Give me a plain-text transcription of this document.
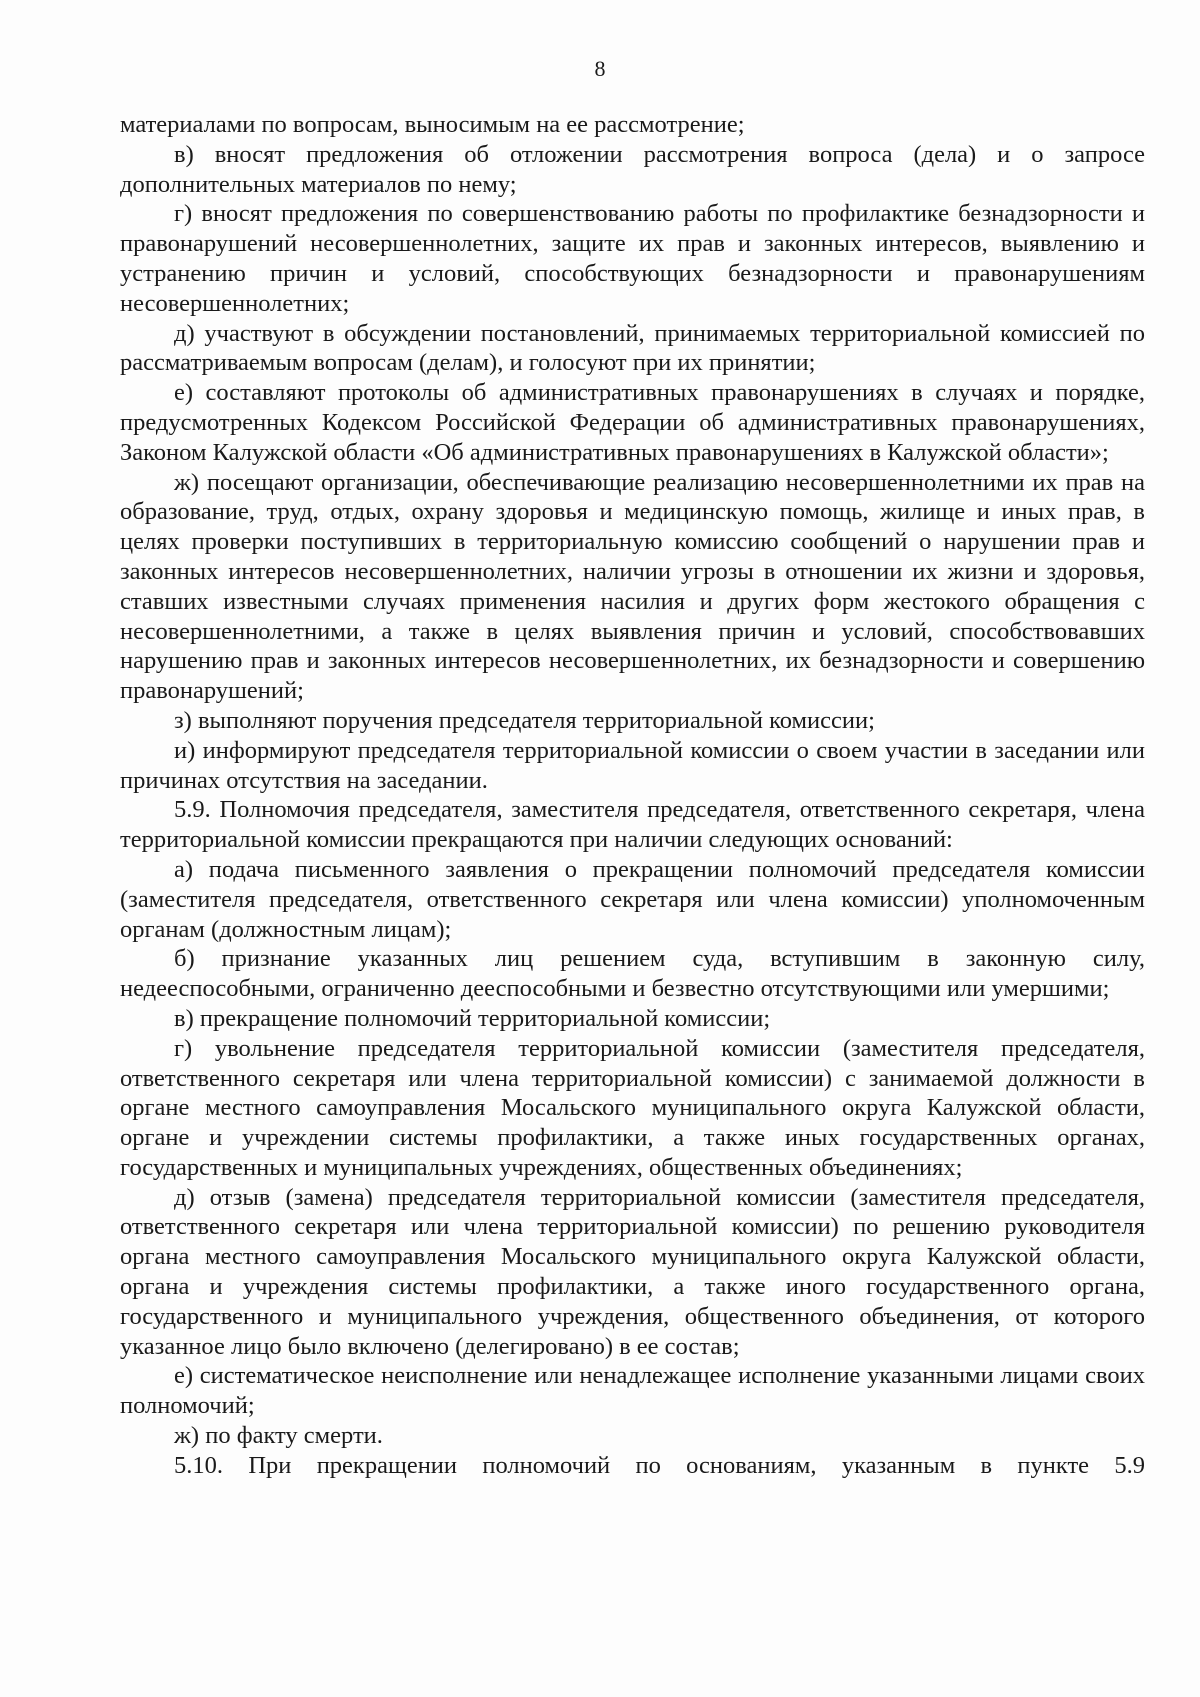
8

материалами по вопросам, выносимым на ее рассмотрение;

в) вносят предложения об отложении рассмотрения вопроса (дела) и о запросе дополнительных материалов по нему;

г) вносят предложения по совершенствованию работы по профилактике безнадзорности и правонарушений несовершеннолетних, защите их прав и законных интересов, выявлению и устранению причин и условий, способствующих безнадзорности и правонарушениям несовершеннолетних;

д) участвуют в обсуждении постановлений, принимаемых территориальной комиссией по рассматриваемым вопросам (делам), и голосуют при их принятии;

е) составляют протоколы об административных правонарушениях в случаях и порядке, предусмотренных Кодексом Российской Федерации об административных правонарушениях, Законом Калужской области «Об административных правонарушениях в Калужской области»;

ж) посещают организации, обеспечивающие реализацию несовершеннолетними их прав на образование, труд, отдых, охрану здоровья и медицинскую помощь, жилище и иных прав, в целях проверки поступивших в территориальную комиссию сообщений о нарушении прав и законных интересов несовершеннолетних, наличии угрозы в отношении их жизни и здоровья, ставших известными случаях применения насилия и других форм жестокого обращения с несовершеннолетними, а также в целях выявления причин и условий, способствовавших нарушению прав и законных интересов несовершеннолетних, их безнадзорности и совершению правонарушений;

з) выполняют поручения председателя территориальной комиссии;

и) информируют председателя территориальной комиссии о своем участии в заседании или причинах отсутствия на заседании.

5.9. Полномочия председателя, заместителя председателя, ответственного секретаря, члена территориальной комиссии прекращаются при наличии следующих оснований:

а) подача письменного заявления о прекращении полномочий председателя комиссии (заместителя председателя, ответственного секретаря или члена комиссии) уполномоченным органам (должностным лицам);

б) признание указанных лиц решением суда, вступившим в законную силу, недееспособными, ограниченно дееспособными и безвестно отсутствующими или умершими;

в) прекращение полномочий территориальной комиссии;

г) увольнение председателя территориальной комиссии (заместителя председателя, ответственного секретаря или члена территориальной комиссии) с занимаемой должности в органе местного самоуправления Мосальского муниципального округа Калужской области, органе и учреждении системы профилактики, а также иных государственных органах, государственных и муниципальных учреждениях, общественных объединениях;

д) отзыв (замена) председателя территориальной комиссии (заместителя председателя, ответственного секретаря или члена территориальной комиссии) по решению руководителя органа местного самоуправления Мосальского муниципального округа Калужской области, органа и учреждения системы профилактики, а также иного государственного органа, государственного и муниципального учреждения, общественного объединения, от которого указанное лицо было включено (делегировано) в ее состав;

е) систематическое неисполнение или ненадлежащее исполнение указанными лицами своих полномочий;

ж) по факту смерти.

5.10. При прекращении полномочий по основаниям, указанным в пункте 5.9
